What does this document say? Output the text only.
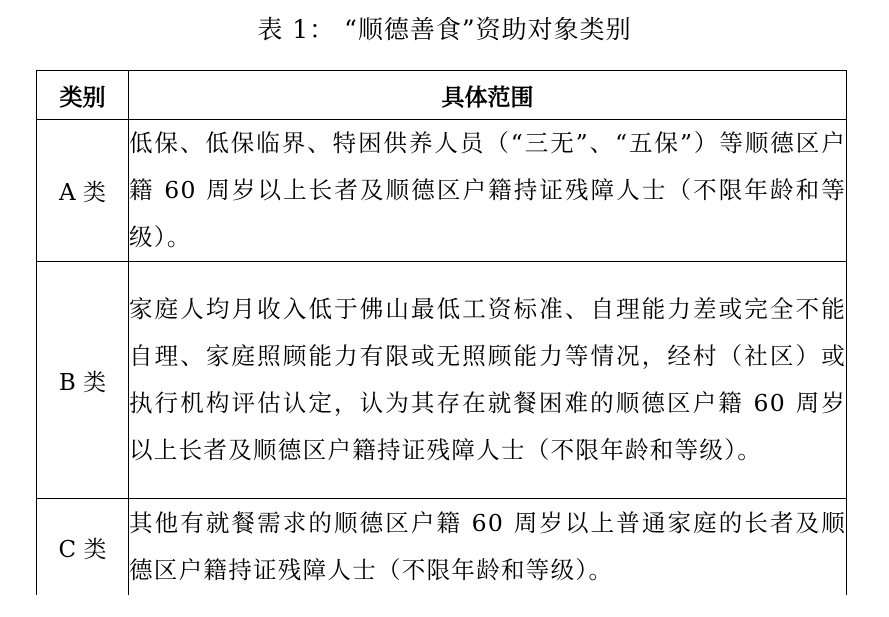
表 1： “顺德善食”资助对象类别
类别	具体范围
A 类	低保、低保临界、特困供养人员（“三无”、“五保”）等顺德区户籍 60 周岁以上长者及顺德区户籍持证残障人士（不限年龄和等级）。
B 类	家庭人均月收入低于佛山最低工资标准、自理能力差或完全不能自理、家庭照顾能力有限或无照顾能力等情况，经村（社区）或执行机构评估认定，认为其存在就餐困难的顺德区户籍 60 周岁以上长者及顺德区户籍持证残障人士（不限年龄和等级）。
C 类	其他有就餐需求的顺德区户籍 60 周岁以上普通家庭的长者及顺德区户籍持证残障人士（不限年龄和等级）。
